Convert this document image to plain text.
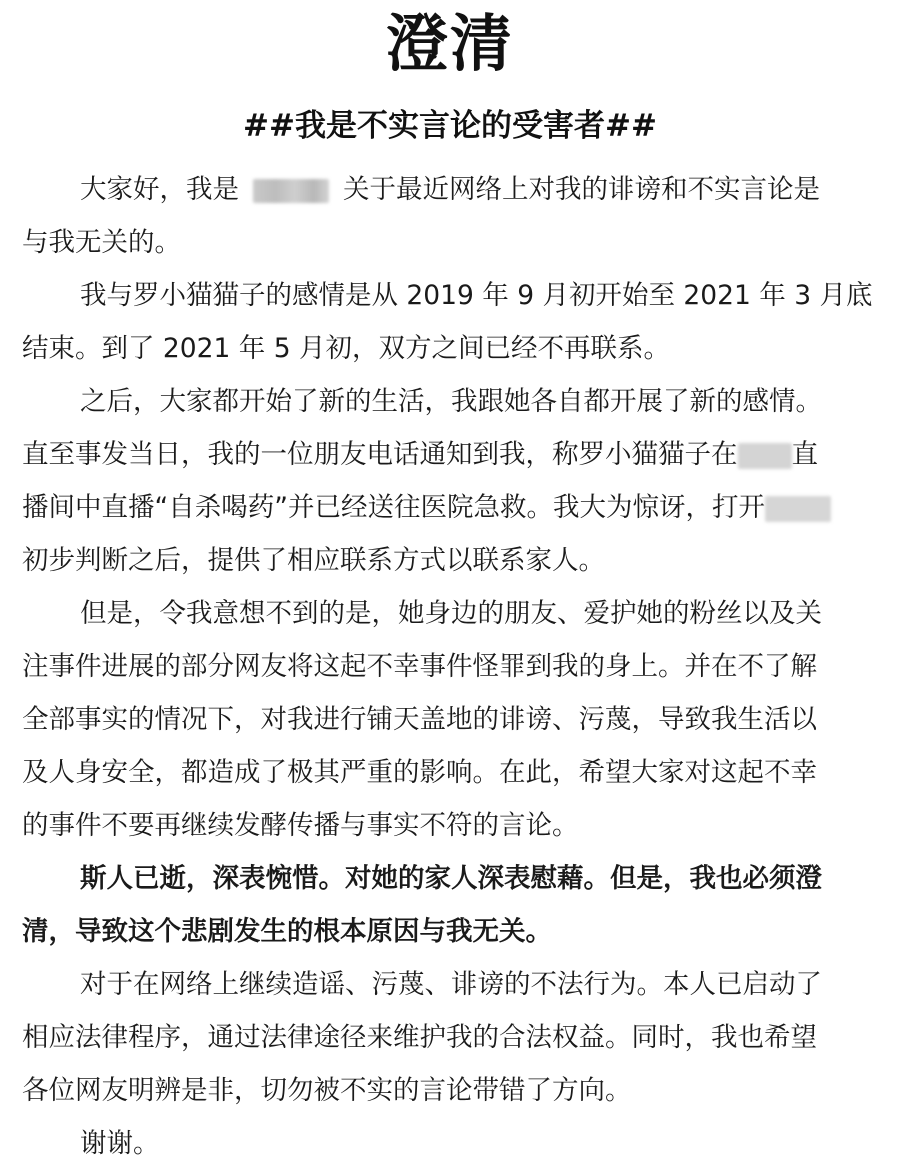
澄清
##我是不实言论的受害者##
大家好，我是	关于最近网络上对我的诽谤和不实言论是
与我无关的。
我与罗小猫猫子的感情是从 2019 年 9 月初开始至 2021 年 3 月底
结束。到了 2021 年 5 月初，双方之间已经不再联系。
之后，大家都开始了新的生活，我跟她各自都开展了新的感情。
直至事发当日，我的一位朋友电话通知到我，称罗小猫猫子在 直
播间中直播“自杀喝药”并已经送往医院急救。我大为惊讶，打开
初步判断之后，提供了相应联系方式以联系家人。
但是，令我意想不到的是，她身边的朋友、爱护她的粉丝以及关
注事件进展的部分网友将这起不幸事件怪罪到我的身上。并在不了解
全部事实的情况下，对我进行铺天盖地的诽谤、污蔑，导致我生活以
及人身安全，都造成了极其严重的影响。在此，希望大家对这起不幸
的事件不要再继续发酵传播与事实不符的言论。
斯人已逝，深表惋惜。对她的家人深表慰藉。但是，我也必须澄
清，导致这个悲剧发生的根本原因与我无关。
对于在网络上继续造谣、污蔑、诽谤的不法行为。本人已启动了
相应法律程序，通过法律途径来维护我的合法权益。同时，我也希望
各位网友明辨是非，切勿被不实的言论带错了方向。
谢谢。
